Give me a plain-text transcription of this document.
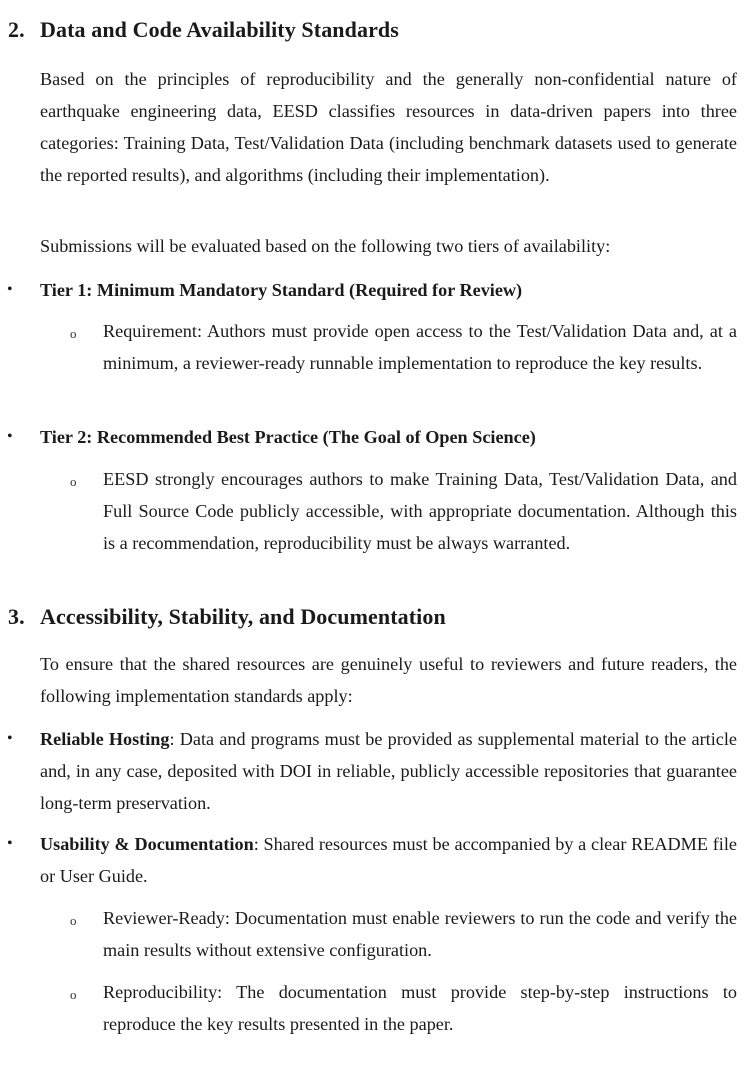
2. Data and Code Availability Standards
Based on the principles of reproducibility and the generally non-confidential nature of earthquake engineering data, EESD classifies resources in data-driven papers into three categories: Training Data, Test/Validation Data (including benchmark datasets used to generate the reported results), and algorithms (including their implementation).
Submissions will be evaluated based on the following two tiers of availability:
• Tier 1: Minimum Mandatory Standard (Required for Review)
o Requirement: Authors must provide open access to the Test/Validation Data and, at a minimum, a reviewer-ready runnable implementation to reproduce the key results.
• Tier 2: Recommended Best Practice (The Goal of Open Science)
o EESD strongly encourages authors to make Training Data, Test/Validation Data, and Full Source Code publicly accessible, with appropriate documentation. Although this is a recommendation, reproducibility must be always warranted.
3. Accessibility, Stability, and Documentation
To ensure that the shared resources are genuinely useful to reviewers and future readers, the following implementation standards apply:
• Reliable Hosting: Data and programs must be provided as supplemental material to the article and, in any case, deposited with DOI in reliable, publicly accessible repositories that guarantee long-term preservation.
• Usability & Documentation: Shared resources must be accompanied by a clear README file or User Guide.
o Reviewer-Ready: Documentation must enable reviewers to run the code and verify the main results without extensive configuration.
o Reproducibility: The documentation must provide step-by-step instructions to reproduce the key results presented in the paper.
